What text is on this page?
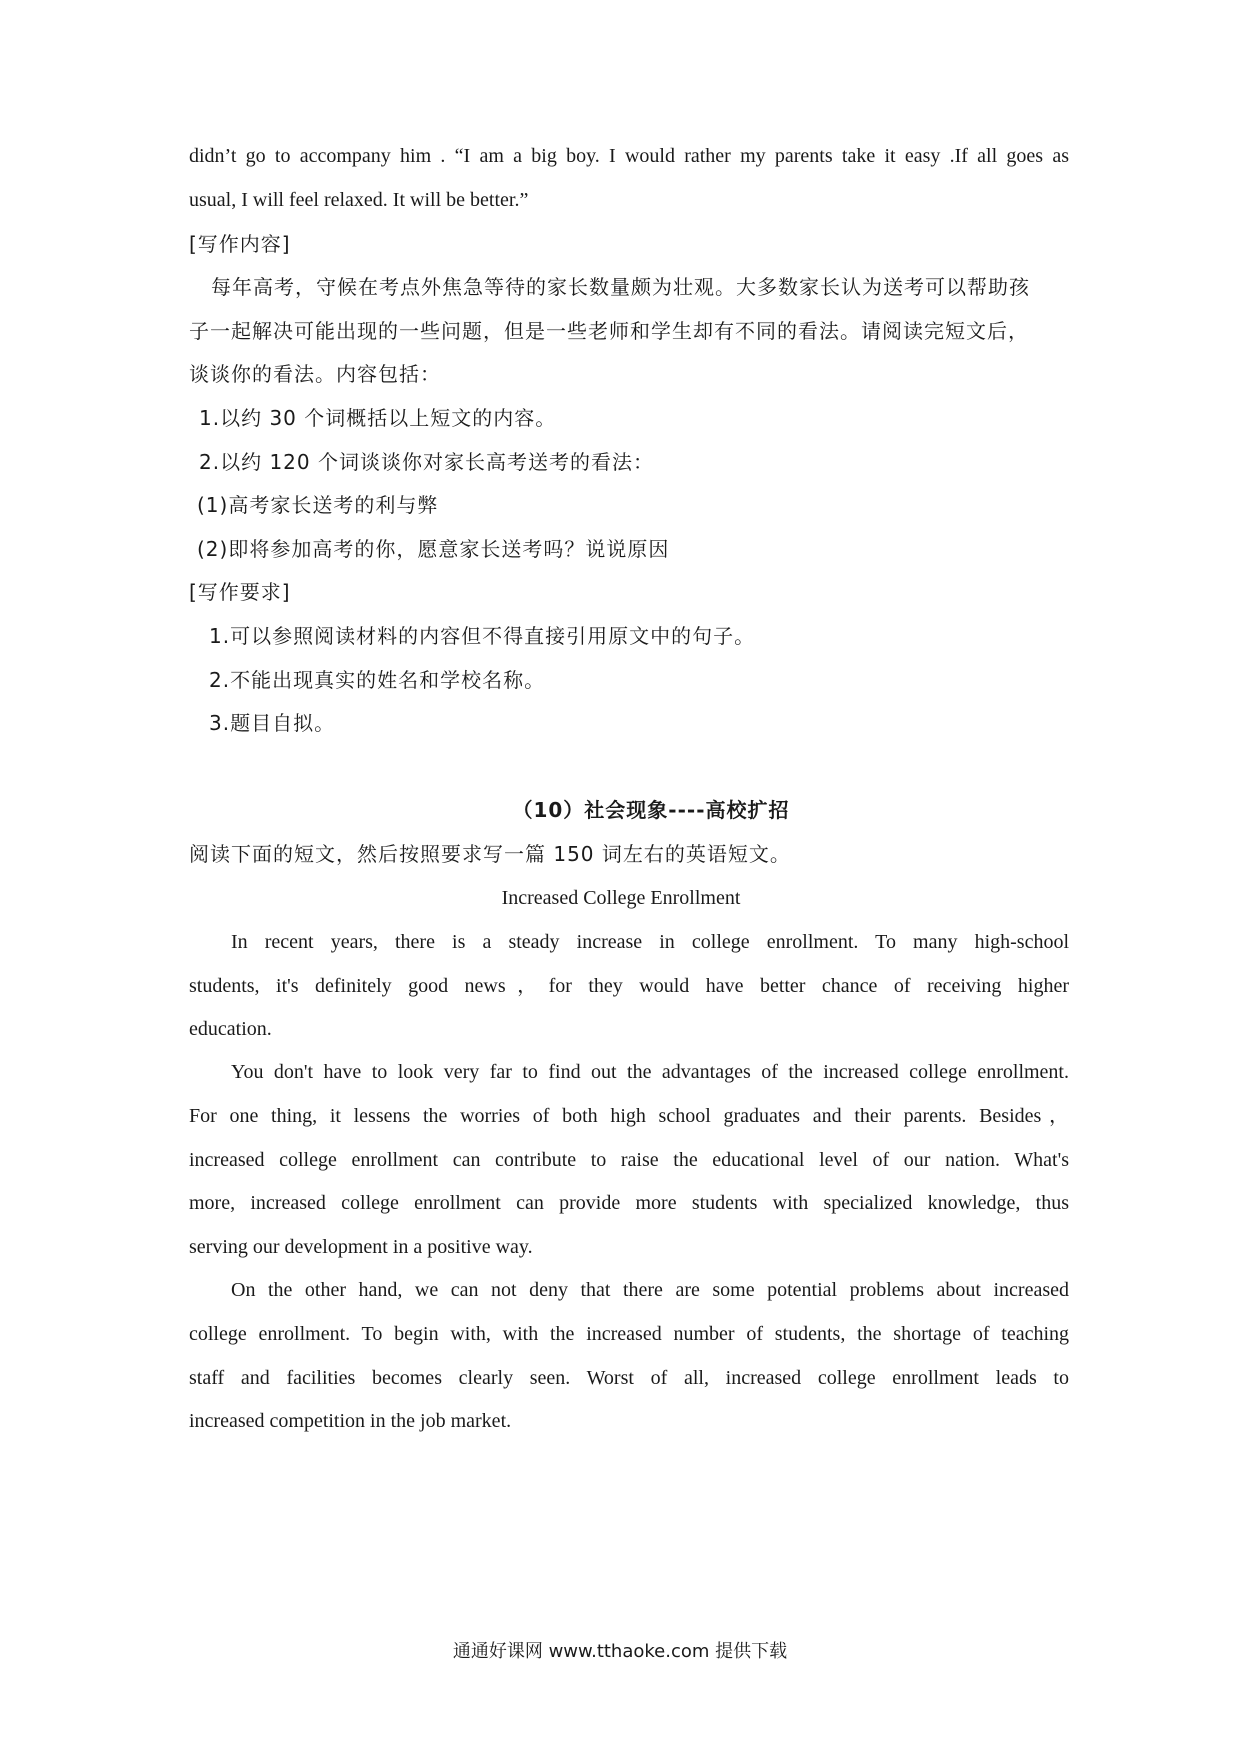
didn’t go to accompany him . “I am a big boy. I would rather my parents take it easy .If all goes as
usual, I will feel relaxed. It will be better.”
[写作内容]
每年高考，守候在考点外焦急等待的家长数量颇为壮观。大多数家长认为送考可以帮助孩
子一起解决可能出现的一些问题，但是一些老师和学生却有不同的看法。请阅读完短文后，
谈谈你的看法。内容包括：
1.以约 30 个词概括以上短文的内容。
2.以约 120 个词谈谈你对家长高考送考的看法：
(1)高考家长送考的利与弊
(2)即将参加高考的你，愿意家长送考吗？说说原因
[写作要求]
1.可以参照阅读材料的内容但不得直接引用原文中的句子。
2.不能出现真实的姓名和学校名称。
3.题目自拟。
（10）社会现象----高校扩招
阅读下面的短文，然后按照要求写一篇 150 词左右的英语短文。
Increased College Enrollment
In recent years, there is a steady increase in college enrollment. To many high-school
students, it's definitely good news，for they would have better chance of receiving higher
education.
You don't have to look very far to find out the advantages of the increased college enrollment.
For one thing, it lessens the worries of both high school graduates and their parents. Besides，
increased college enrollment can contribute to raise the educational level of our nation. What's
more, increased college enrollment can provide more students with specialized knowledge, thus
serving our development in a positive way.
On the other hand, we can not deny that there are some potential problems about increased
college enrollment. To begin with, with the increased number of students, the shortage of teaching
staff and facilities becomes clearly seen. Worst of all, increased college enrollment leads to
increased competition in the job market.
通通好课网 www.tthaoke.com 提供下载
